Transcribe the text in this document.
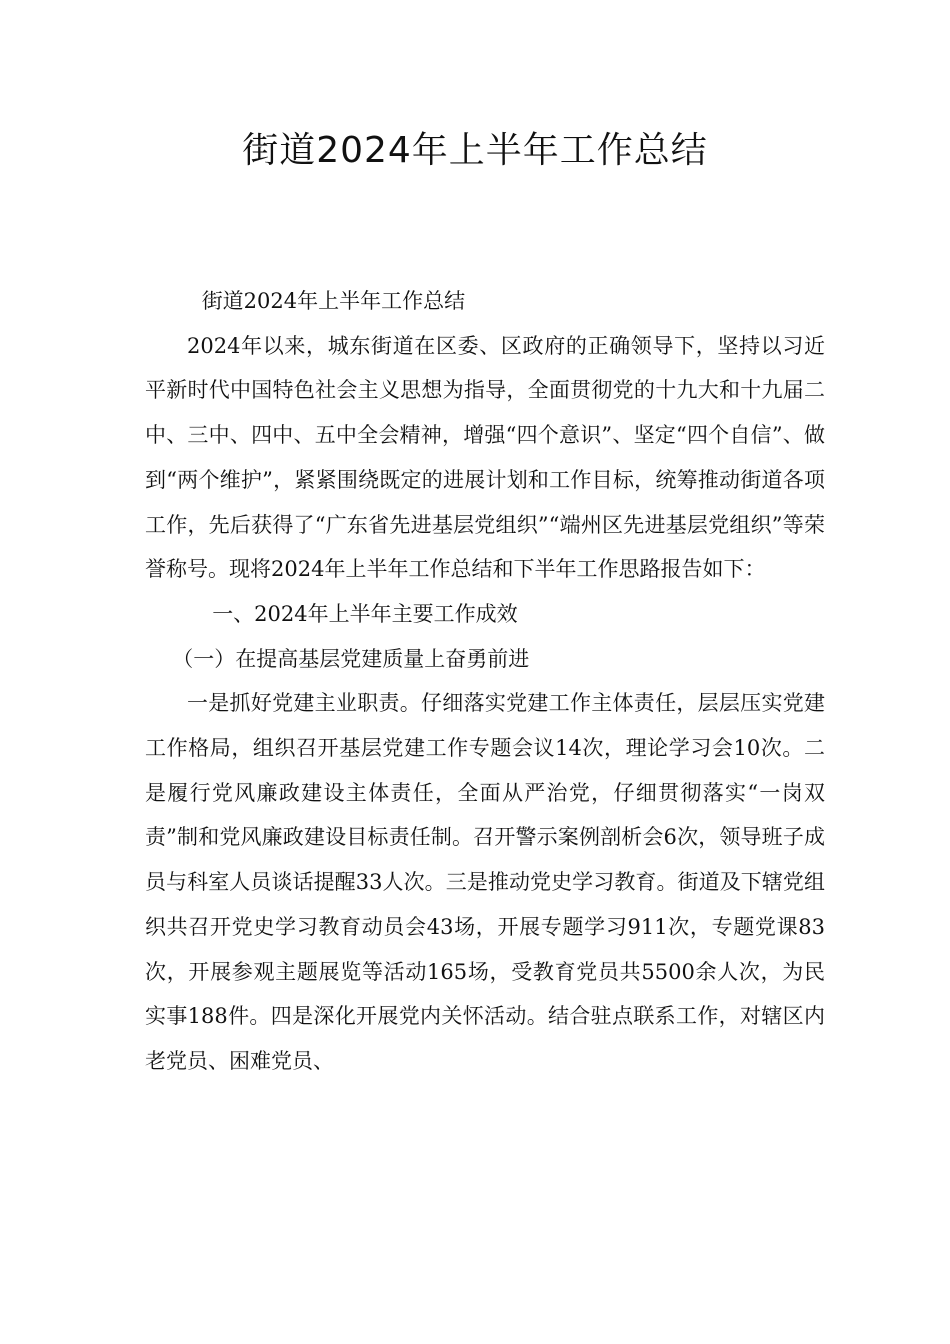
街道2024年上半年工作总结

街道2024年上半年工作总结

2024年以来，城东街道在区委、区政府的正确领导下，坚持以习近平新时代中国特色社会主义思想为指导，全面贯彻党的十九大和十九届二中、三中、四中、五中全会精神，增强“四个意识”、坚定“四个自信”、做到“两个维护”，紧紧围绕既定的进展计划和工作目标，统筹推动街道各项工作，先后获得了“广东省先进基层党组织”“端州区先进基层党组织”等荣誉称号。现将2024年上半年工作总结和下半年工作思路报告如下：

一、2024年上半年主要工作成效

（一）在提高基层党建质量上奋勇前进

一是抓好党建主业职责。仔细落实党建工作主体责任，层层压实党建工作格局，组织召开基层党建工作专题会议14次，理论学习会10次。二是履行党风廉政建设主体责任，全面从严治党，仔细贯彻落实“一岗双责”制和党风廉政建设目标责任制。召开警示案例剖析会6次，领导班子成员与科室人员谈话提醒33人次。三是推动党史学习教育。街道及下辖党组织共召开党史学习教育动员会43场，开展专题学习911次，专题党课83次，开展参观主题展览等活动165场，受教育党员共5500余人次，为民实事188件。四是深化开展党内关怀活动。结合驻点联系工作，对辖区内老党员、困难党员、
